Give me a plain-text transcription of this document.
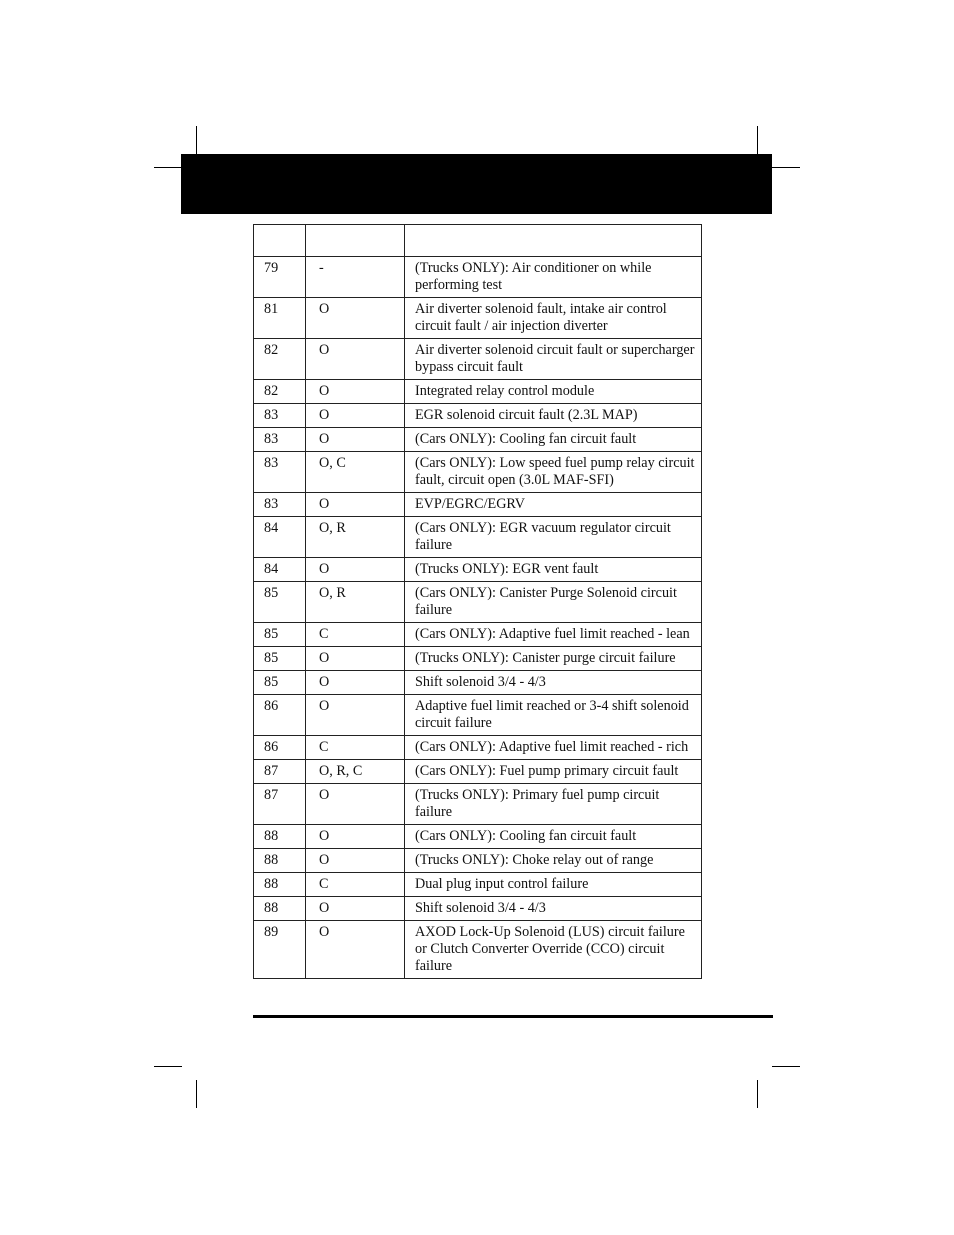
79	-	(Trucks ONLY): Air conditioner on while performing test
81	O	Air diverter solenoid fault, intake air control circuit fault / air injection diverter
82	O	Air diverter solenoid circuit fault or supercharger bypass circuit fault
82	O	Integrated relay control module
83	O	EGR solenoid circuit fault (2.3L MAP)
83	O	(Cars ONLY): Cooling fan circuit fault
83	O, C	(Cars ONLY): Low speed fuel pump relay circuit fault, circuit open (3.0L MAF-SFI)
83	O	EVP/EGRC/EGRV
84	O, R	(Cars ONLY): EGR vacuum regulator circuit failure
84	O	(Trucks ONLY): EGR vent fault
85	O, R	(Cars ONLY): Canister Purge Solenoid circuit failure
85	C	(Cars ONLY): Adaptive fuel limit reached - lean
85	O	(Trucks ONLY): Canister purge circuit failure
85	O	Shift solenoid 3/4 - 4/3
86	O	Adaptive fuel limit reached or 3-4 shift solenoid circuit failure
86	C	(Cars ONLY): Adaptive fuel limit reached - rich
87	O, R, C	(Cars ONLY): Fuel pump primary circuit fault
87	O	(Trucks ONLY): Primary fuel pump circuit failure
88	O	(Cars ONLY): Cooling fan circuit fault
88	O	(Trucks ONLY): Choke relay out of range
88	C	Dual plug input control failure
88	O	Shift solenoid 3/4 - 4/3
89	O	AXOD Lock-Up Solenoid (LUS) circuit failure or Clutch Converter Override (CCO) circuit failure
